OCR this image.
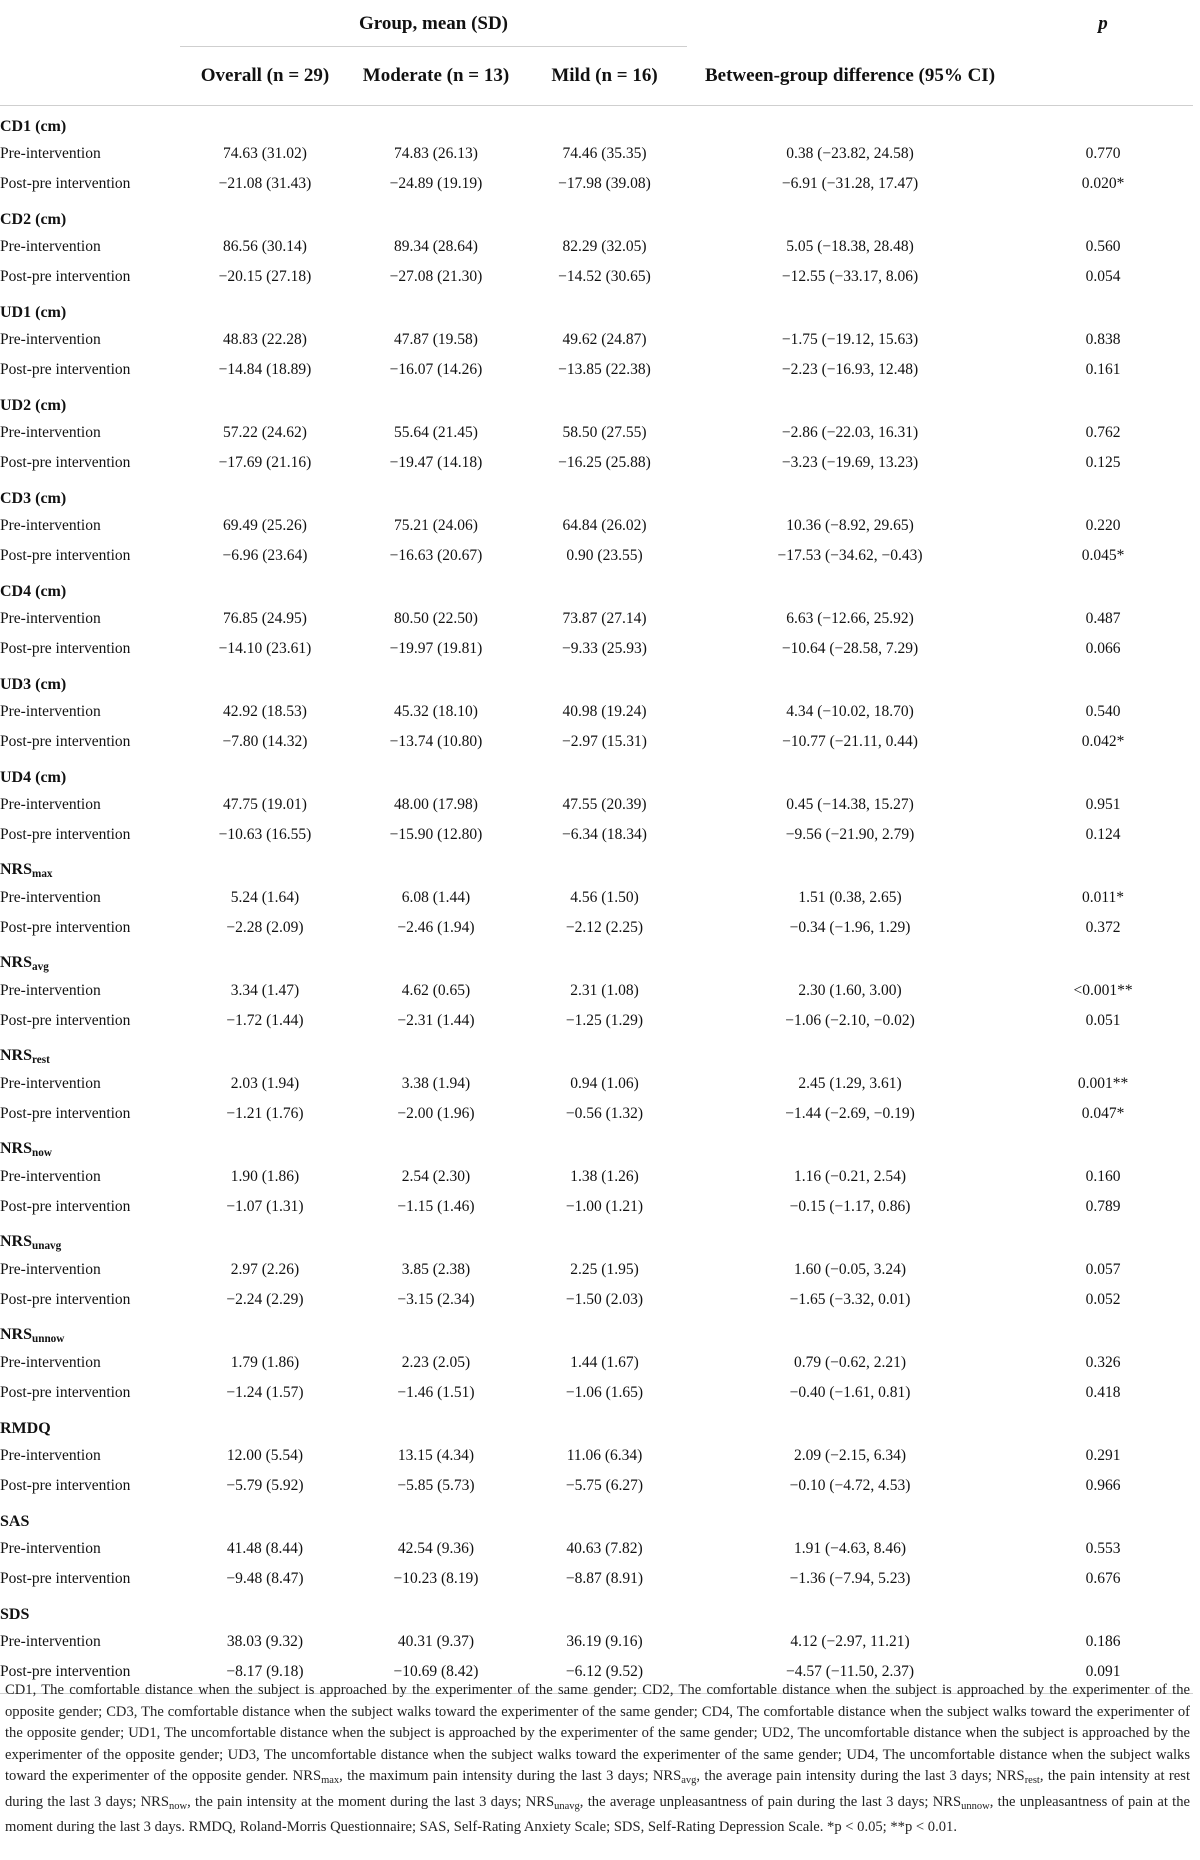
	Group, mean (SD)				p
	Overall (n = 29)	Moderate (n = 13)	Mild (n = 16)	Between-group difference (95% CI)	
CD1 (cm)					
Pre-intervention	74.63 (31.02)	74.83 (26.13)	74.46 (35.35)	0.38 (−23.82, 24.58)	0.770
Post-pre intervention	−21.08 (31.43)	−24.89 (19.19)	−17.98 (39.08)	−6.91 (−31.28, 17.47)	0.020*
CD2 (cm)					
Pre-intervention	86.56 (30.14)	89.34 (28.64)	82.29 (32.05)	5.05 (−18.38, 28.48)	0.560
Post-pre intervention	−20.15 (27.18)	−27.08 (21.30)	−14.52 (30.65)	−12.55 (−33.17, 8.06)	0.054
UD1 (cm)					
Pre-intervention	48.83 (22.28)	47.87 (19.58)	49.62 (24.87)	−1.75 (−19.12, 15.63)	0.838
Post-pre intervention	−14.84 (18.89)	−16.07 (14.26)	−13.85 (22.38)	−2.23 (−16.93, 12.48)	0.161
UD2 (cm)					
Pre-intervention	57.22 (24.62)	55.64 (21.45)	58.50 (27.55)	−2.86 (−22.03, 16.31)	0.762
Post-pre intervention	−17.69 (21.16)	−19.47 (14.18)	−16.25 (25.88)	−3.23 (−19.69, 13.23)	0.125
CD3 (cm)					
Pre-intervention	69.49 (25.26)	75.21 (24.06)	64.84 (26.02)	10.36 (−8.92, 29.65)	0.220
Post-pre intervention	−6.96 (23.64)	−16.63 (20.67)	0.90 (23.55)	−17.53 (−34.62, −0.43)	0.045*
CD4 (cm)					
Pre-intervention	76.85 (24.95)	80.50 (22.50)	73.87 (27.14)	6.63 (−12.66, 25.92)	0.487
Post-pre intervention	−14.10 (23.61)	−19.97 (19.81)	−9.33 (25.93)	−10.64 (−28.58, 7.29)	0.066
UD3 (cm)					
Pre-intervention	42.92 (18.53)	45.32 (18.10)	40.98 (19.24)	4.34 (−10.02, 18.70)	0.540
Post-pre intervention	−7.80 (14.32)	−13.74 (10.80)	−2.97 (15.31)	−10.77 (−21.11, 0.44)	0.042*
UD4 (cm)					
Pre-intervention	47.75 (19.01)	48.00 (17.98)	47.55 (20.39)	0.45 (−14.38, 15.27)	0.951
Post-pre intervention	−10.63 (16.55)	−15.90 (12.80)	−6.34 (18.34)	−9.56 (−21.90, 2.79)	0.124
$NRS_{max}$
Pre-intervention	5.24 (1.64)	6.08 (1.44)	4.56 (1.50)	1.51 (0.38, 2.65)	0.011*
Post-pre intervention	−2.28 (2.09)	−2.46 (1.94)	−2.12 (2.25)	−0.34 (−1.96, 1.29)	0.372
$NRS_{avg}$
Pre-intervention	3.34 (1.47)	4.62 (0.65)	2.31 (1.08)	2.30 (1.60, 3.00)	<0.001**
Post-pre intervention	−1.72 (1.44)	−2.31 (1.44)	−1.25 (1.29)	−1.06 (−2.10, −0.02)	0.051
$NRS_{rest}$
Pre-intervention	2.03 (1.94)	3.38 (1.94)	0.94 (1.06)	2.45 (1.29, 3.61)	0.001**
Post-pre intervention	−1.21 (1.76)	−2.00 (1.96)	−0.56 (1.32)	−1.44 (−2.69, −0.19)	0.047*
$NRS_{now}$
Pre-intervention	1.90 (1.86)	2.54 (2.30)	1.38 (1.26)	1.16 (−0.21, 2.54)	0.160
Post-pre intervention	−1.07 (1.31)	−1.15 (1.46)	−1.00 (1.21)	−0.15 (−1.17, 0.86)	0.789
$NRS_{unavg}$
Pre-intervention	2.97 (2.26)	3.85 (2.38)	2.25 (1.95)	1.60 (−0.05, 3.24)	0.057
Post-pre intervention	−2.24 (2.29)	−3.15 (2.34)	−1.50 (2.03)	−1.65 (−3.32, 0.01)	0.052
$NRS_{unnow}$
Pre-intervention	1.79 (1.86)	2.23 (2.05)	1.44 (1.67)	0.79 (−0.62, 2.21)	0.326
Post-pre intervention	−1.24 (1.57)	−1.46 (1.51)	−1.06 (1.65)	−0.40 (−1.61, 0.81)	0.418
RMDQ					
Pre-intervention	12.00 (5.54)	13.15 (4.34)	11.06 (6.34)	2.09 (−2.15, 6.34)	0.291
Post-pre intervention	−5.79 (5.92)	−5.85 (5.73)	−5.75 (6.27)	−0.10 (−4.72, 4.53)	0.966
SAS					
Pre-intervention	41.48 (8.44)	42.54 (9.36)	40.63 (7.82)	1.91 (−4.63, 8.46)	0.553
Post-pre intervention	−9.48 (8.47)	−10.23 (8.19)	−8.87 (8.91)	−1.36 (−7.94, 5.23)	0.676
SDS					
Pre-intervention	38.03 (9.32)	40.31 (9.37)	36.19 (9.16)	4.12 (−2.97, 11.21)	0.186
Post-pre intervention	−8.17 (9.18)	−10.69 (8.42)	−6.12 (9.52)	−4.57 (−11.50, 2.37)	0.091
CD1, The comfortable distance when the subject is approached by the experimenter of the same gender; CD2, The comfortable distance when the subject is approached by the experimenter of the opposite gender; CD3, The comfortable distance when the subject walks toward the experimenter of the same gender; CD4, The comfortable distance when the subject walks toward the experimenter of the opposite gender; UD1, The uncomfortable distance when the subject is approached by the experimenter of the same gender; UD2, The uncomfortable distance when the subject is approached by the experimenter of the opposite gender; UD3, The uncomfortable distance when the subject walks toward the experimenter of the same gender; UD4, The uncomfortable distance when the subject walks toward the experimenter of the opposite gender. $NRS_{max}$, the maximum pain intensity during the last 3 days; $NRS_{avg}$, the average pain intensity during the last 3 days; $NRS_{rest}$, the pain intensity at rest during the last 3 days; $NRS_{now}$, the pain intensity at the moment during the last 3 days; $NRS_{unavg}$, the average unpleasantness of pain during the last 3 days; $NRS_{unnow}$, the unpleasantness of pain at the moment during the last 3 days. RMDQ, Roland-Morris Questionnaire; SAS, Self-Rating Anxiety Scale; SDS, Self-Rating Depression Scale. *p < 0.05; **p < 0.01.
